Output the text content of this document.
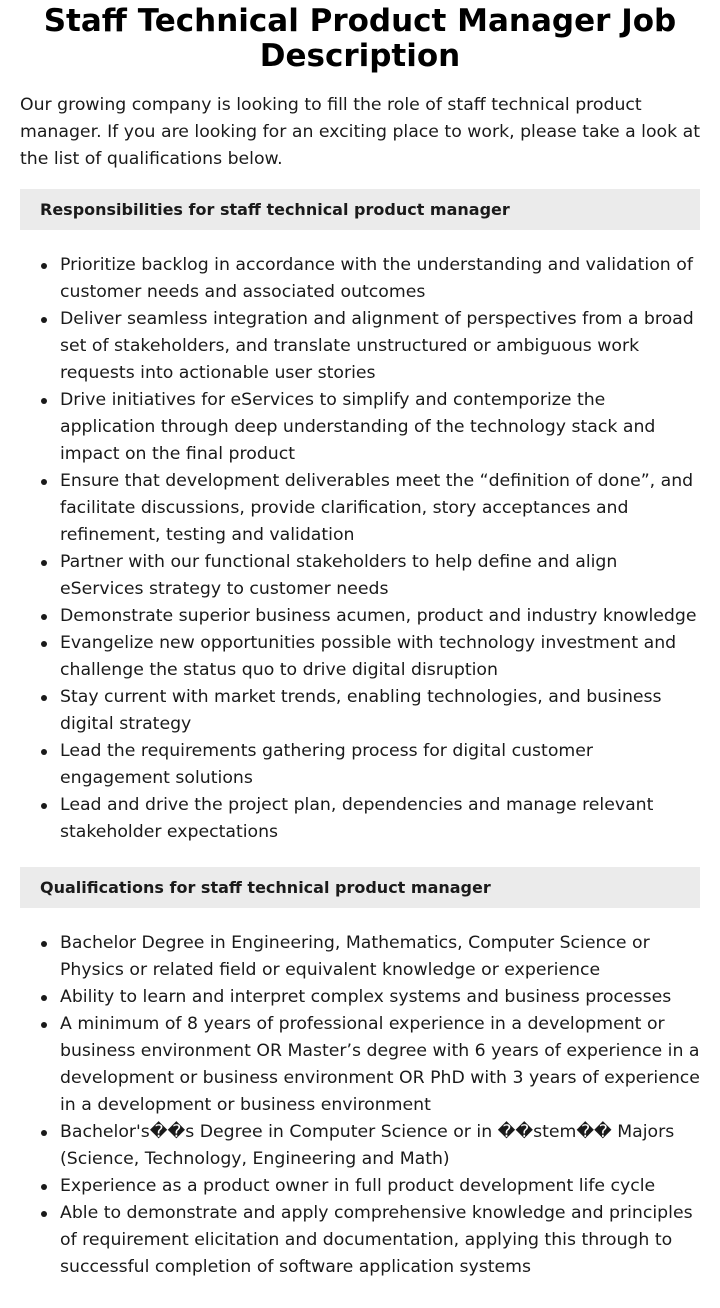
Staff Technical Product Manager Job Description

Our growing company is looking to fill the role of staff technical product manager. If you are looking for an exciting place to work, please take a look at the list of qualifications below.

Responsibilities for staff technical product manager
Prioritize backlog in accordance with the understanding and validation of customer needs and associated outcomes
Deliver seamless integration and alignment of perspectives from a broad set of stakeholders, and translate unstructured or ambiguous work requests into actionable user stories
Drive initiatives for eServices to simplify and contemporize the application through deep understanding of the technology stack and impact on the final product
Ensure that development deliverables meet the “definition of done”, and facilitate discussions, provide clarification, story acceptances and refinement, testing and validation
Partner with our functional stakeholders to help define and align eServices strategy to customer needs
Demonstrate superior business acumen, product and industry knowledge
Evangelize new opportunities possible with technology investment and challenge the status quo to drive digital disruption
Stay current with market trends, enabling technologies, and business digital strategy
Lead the requirements gathering process for digital customer engagement solutions
Lead and drive the project plan, dependencies and manage relevant stakeholder expectations
Qualifications for staff technical product manager
Bachelor Degree in Engineering, Mathematics, Computer Science or Physics or related field or equivalent knowledge or experience
Ability to learn and interpret complex systems and business processes
A minimum of 8 years of professional experience in a development or business environment OR Master’s degree with 6 years of experience in a development or business environment OR PhD with 3 years of experience in a development or business environment
Bachelor's��s Degree in Computer Science or in ��stem�� Majors (Science, Technology, Engineering and Math)
Experience as a product owner in full product development life cycle
Able to demonstrate and apply comprehensive knowledge and principles of requirement elicitation and documentation, applying this through to successful completion of software application systems
